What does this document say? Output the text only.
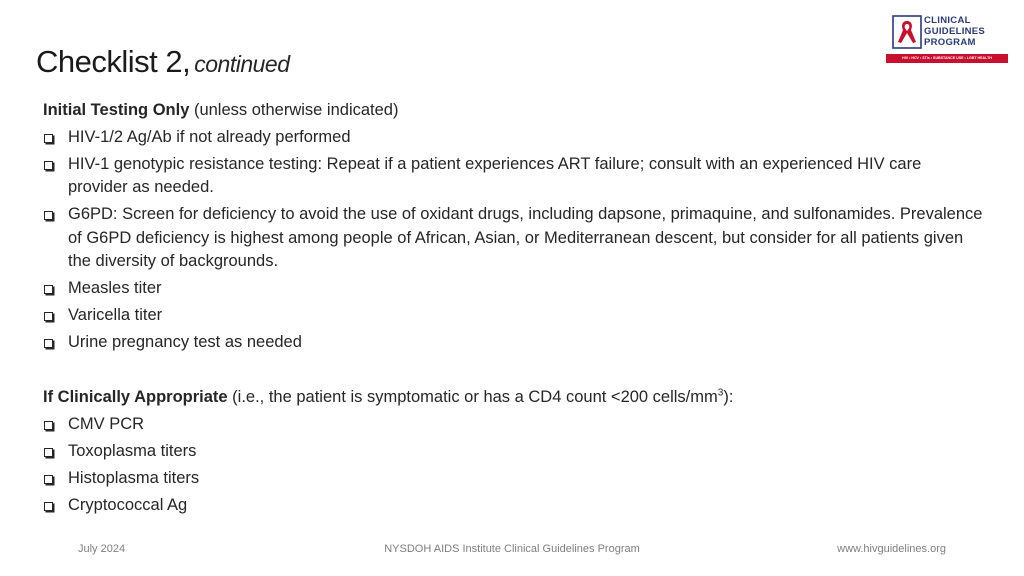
Checklist 2, continued
CLINICAL
GUIDELINES
PROGRAM
HIV • HCV • STIs • SUBSTANCE USE • LGBT HEALTH

Initial Testing Only (unless otherwise indicated)

HIV-1/2 Ag/Ab if not already performed
HIV-1 genotypic resistance testing: Repeat if a patient experiences ART failure; consult with an experienced HIV care provider as needed.
G6PD: Screen for deficiency to avoid the use of oxidant drugs, including dapsone, primaquine, and sulfonamides. Prevalence of G6PD deficiency is highest among people of African, Asian, or Mediterranean descent, but consider for all patients given the diversity of backgrounds.
Measles titer
Varicella titer
Urine pregnancy test as needed

If Clinically Appropriate (i.e., the patient is symptomatic or has a CD4 count <200 cells/$mm^3$):

CMV PCR
Toxoplasma titers
Histoplasma titers
Cryptococcal Ag
July 2024	NYSDOH AIDS Institute Clinical Guidelines Program	www.hivguidelines.org
